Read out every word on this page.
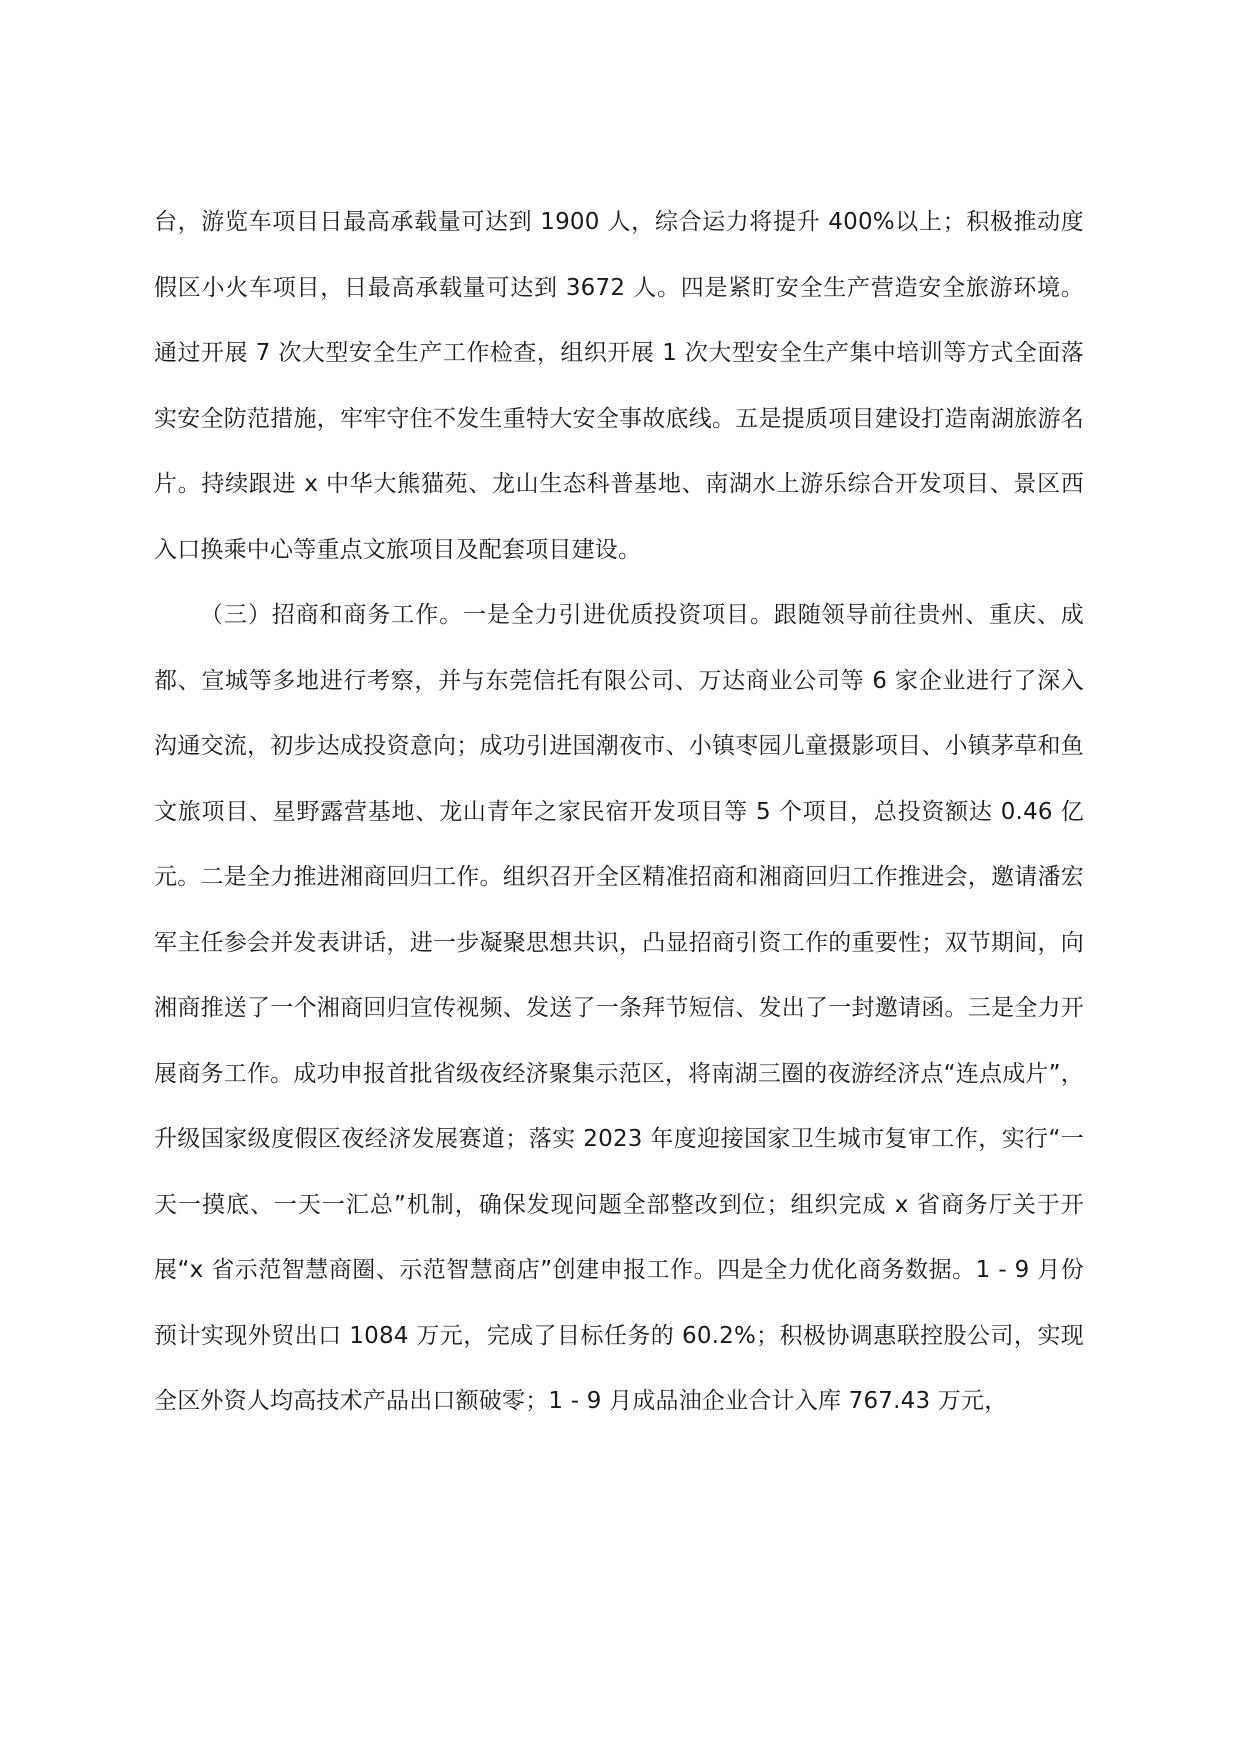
台，游览车项目日最高承载量可达到 1900 人，综合运力将提升 400%以上；积极推动度假区小火车项目，日最高承载量可达到 3672 人。四是紧盯安全生产营造安全旅游环境。通过开展 7 次大型安全生产工作检查，组织开展 1 次大型安全生产集中培训等方式全面落实安全防范措施，牢牢守住不发生重特大安全事故底线。五是提质项目建设打造南湖旅游名片。持续跟进 x 中华大熊猫苑、龙山生态科普基地、南湖水上游乐综合开发项目、景区西入口换乘中心等重点文旅项目及配套项目建设。

（三）招商和商务工作。一是全力引进优质投资项目。跟随领导前往贵州、重庆、成都、宣城等多地进行考察，并与东莞信托有限公司、万达商业公司等 6 家企业进行了深入沟通交流，初步达成投资意向；成功引进国潮夜市、小镇枣园儿童摄影项目、小镇茅草和鱼文旅项目、星野露营基地、龙山青年之家民宿开发项目等 5 个项目，总投资额达 0.46 亿元。二是全力推进湘商回归工作。组织召开全区精准招商和湘商回归工作推进会，邀请潘宏军主任参会并发表讲话，进一步凝聚思想共识，凸显招商引资工作的重要性；双节期间，向湘商推送了一个湘商回归宣传视频、发送了一条拜节短信、发出了一封邀请函。三是全力开展商务工作。成功申报首批省级夜经济聚集示范区，将南湖三圈的夜游经济点“连点成片”，升级国家级度假区夜经济发展赛道；落实 2023 年度迎接国家卫生城市复审工作，实行“一天一摸底、一天一汇总”机制，确保发现问题全部整改到位；组织完成 x 省商务厅关于开展“x 省示范智慧商圈、示范智慧商店”创建申报工作。四是全力优化商务数据。1 - 9 月份预计实现外贸出口 1084 万元，完成了目标任务的 60.2%；积极协调惠联控股公司，实现全区外资人均高技术产品出口额破零；1 - 9 月成品油企业合计入库 767.43 万元，
